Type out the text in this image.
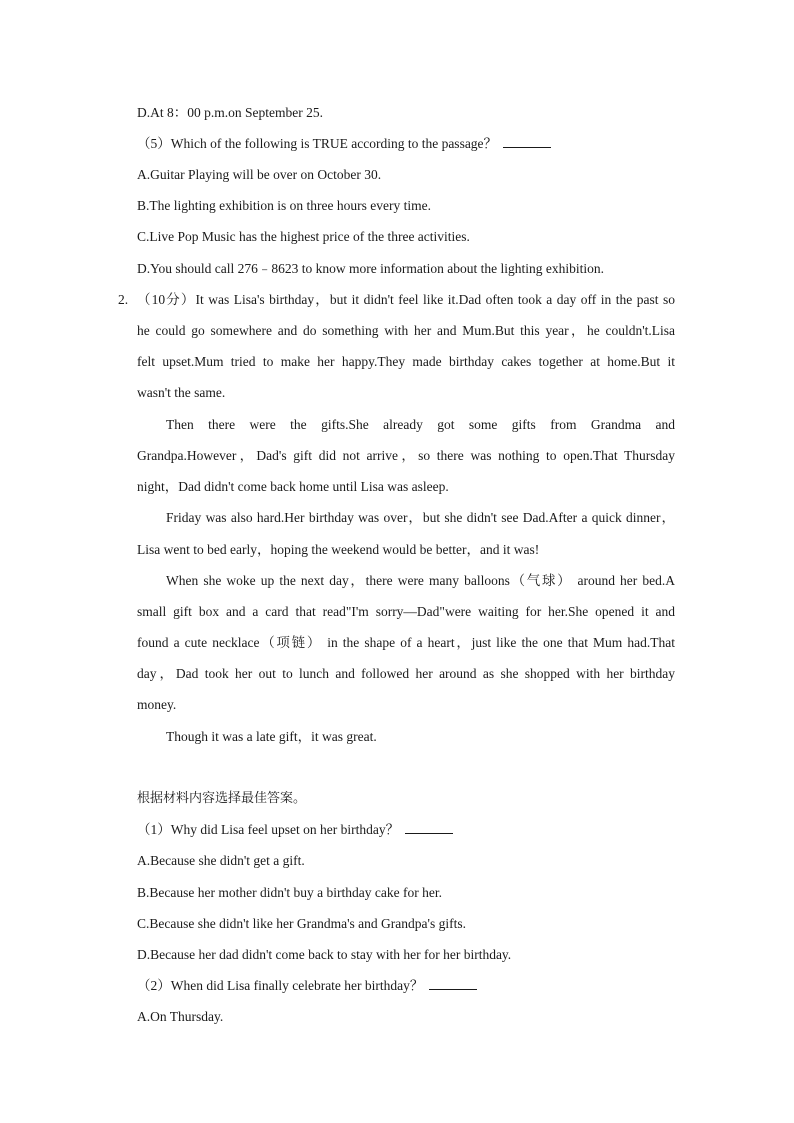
D.At 8：00 p.m.on September 25.
（5）Which of the following is TRUE according to the passage？
A.Guitar Playing will be over on October 30.
B.The lighting exhibition is on three hours every time.
C.Live Pop Music has the highest price of the three activities.
D.You should call 276﹣8623 to know more information about the lighting exhibition.
2. （10分）It was Lisa's birthday，but it didn't feel like it.Dad often took a day off in the past so
he could go somewhere and do something with her and Mum.But this year，he couldn't.Lisa
felt upset.Mum tried to make her happy.They made birthday cakes together at home.But it
wasn't the same.
Then there were the gifts.She already got some gifts from Grandma and
Grandpa.However，Dad's gift did not arrive，so there was nothing to open.That Thursday
night，Dad didn't come back home until Lisa was asleep.
Friday was also hard.Her birthday was over，but she didn't see Dad.After a quick dinner，
Lisa went to bed early，hoping the weekend would be better，and it was!
When she woke up the next day，there were many balloons（气球） around her bed.A
small gift box and a card that read"I'm sorry—Dad"were waiting for her.She opened it and
found a cute necklace（项链） in the shape of a heart，just like the one that Mum had.That
day，Dad took her out to lunch and followed her around as she shopped with her birthday
money.
Though it was a late gift，it was great.
根据材料内容选择最佳答案。
（1）Why did Lisa feel upset on her birthday？
A.Because she didn't get a gift.
B.Because her mother didn't buy a birthday cake for her.
C.Because she didn't like her Grandma's and Grandpa's gifts.
D.Because her dad didn't come back to stay with her for her birthday.
（2）When did Lisa finally celebrate her birthday？
A.On Thursday.
